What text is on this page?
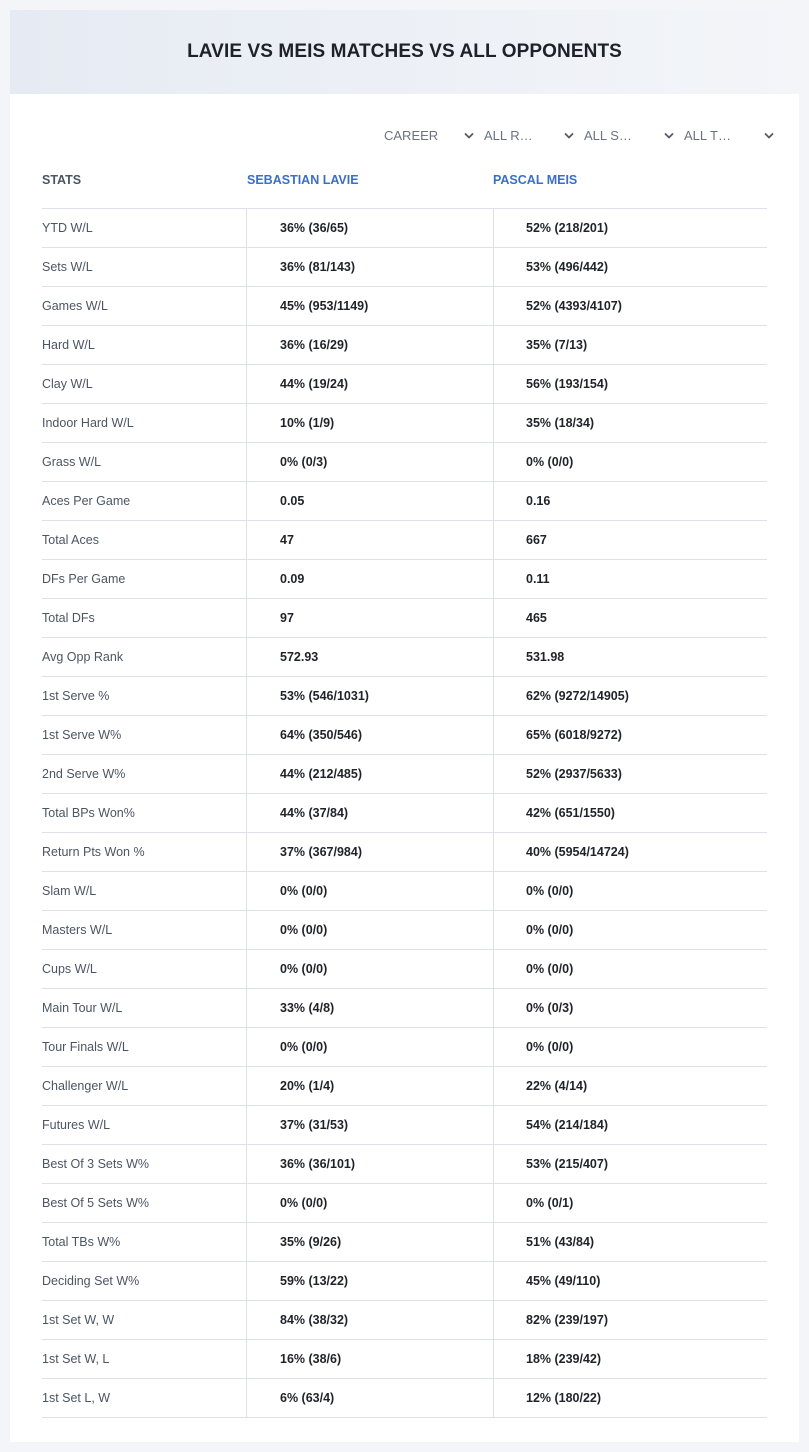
LAVIE VS MEIS MATCHES VS ALL OPPONENTS
CAREER	ALL R…	ALL S…	ALL T…
STATS	SEBASTIAN LAVIE	PASCAL MEIS
YTD W/L	36% (36/65)	52% (218/201)
Sets W/L	36% (81/143)	53% (496/442)
Games W/L	45% (953/1149)	52% (4393/4107)
Hard W/L	36% (16/29)	35% (7/13)
Clay W/L	44% (19/24)	56% (193/154)
Indoor Hard W/L	10% (1/9)	35% (18/34)
Grass W/L	0% (0/3)	0% (0/0)
Aces Per Game	0.05	0.16
Total Aces	47	667
DFs Per Game	0.09	0.11
Total DFs	97	465
Avg Opp Rank	572.93	531.98
1st Serve %	53% (546/1031)	62% (9272/14905)
1st Serve W%	64% (350/546)	65% (6018/9272)
2nd Serve W%	44% (212/485)	52% (2937/5633)
Total BPs Won%	44% (37/84)	42% (651/1550)
Return Pts Won %	37% (367/984)	40% (5954/14724)
Slam W/L	0% (0/0)	0% (0/0)
Masters W/L	0% (0/0)	0% (0/0)
Cups W/L	0% (0/0)	0% (0/0)
Main Tour W/L	33% (4/8)	0% (0/3)
Tour Finals W/L	0% (0/0)	0% (0/0)
Challenger W/L	20% (1/4)	22% (4/14)
Futures W/L	37% (31/53)	54% (214/184)
Best Of 3 Sets W%	36% (36/101)	53% (215/407)
Best Of 5 Sets W%	0% (0/0)	0% (0/1)
Total TBs W%	35% (9/26)	51% (43/84)
Deciding Set W%	59% (13/22)	45% (49/110)
1st Set W, W	84% (38/32)	82% (239/197)
1st Set W, L	16% (38/6)	18% (239/42)
1st Set L, W	6% (63/4)	12% (180/22)
